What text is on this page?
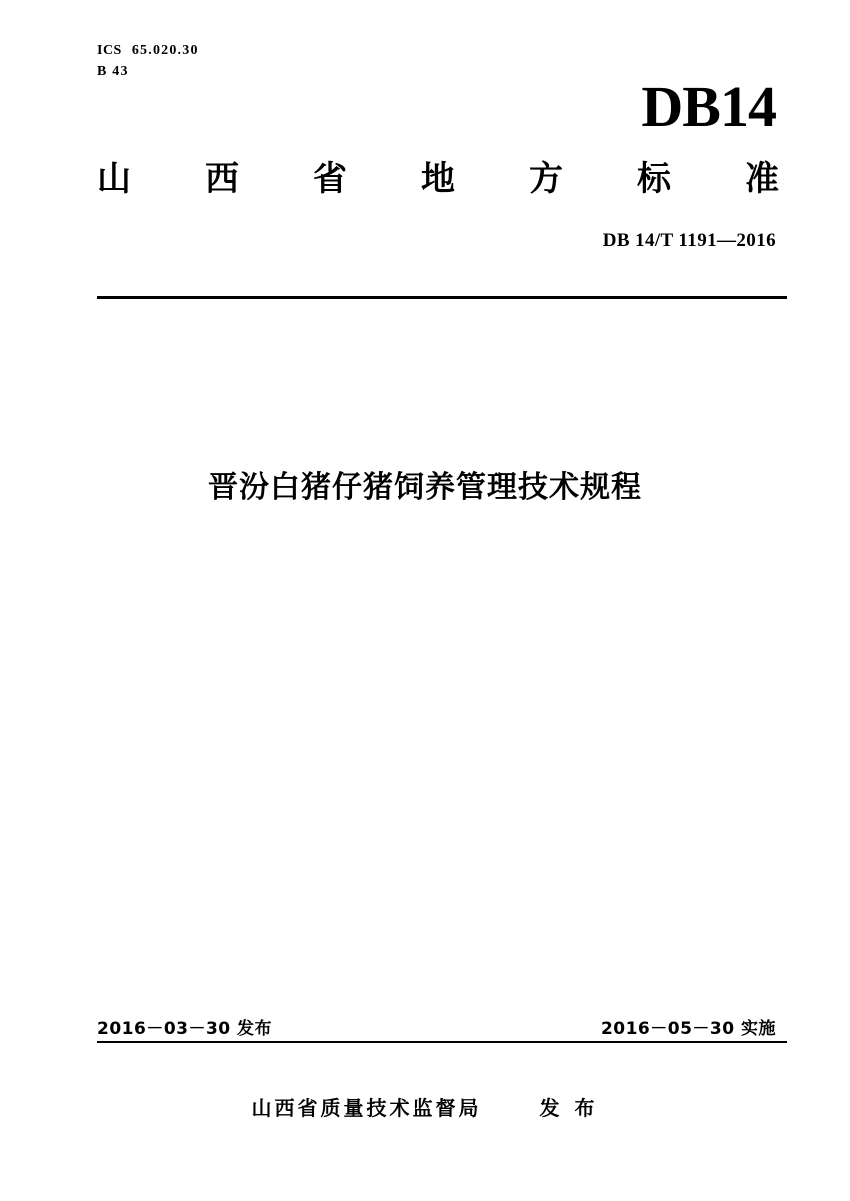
ICS 65.020.30
B 43
DB14
山 西 省 地 方 标 准
DB 14/T 1191—2016
晋汾白猪仔猪饲养管理技术规程
2016－03－30 发布	2016－05－30 实施
山西省质量技术监督局	发 布
